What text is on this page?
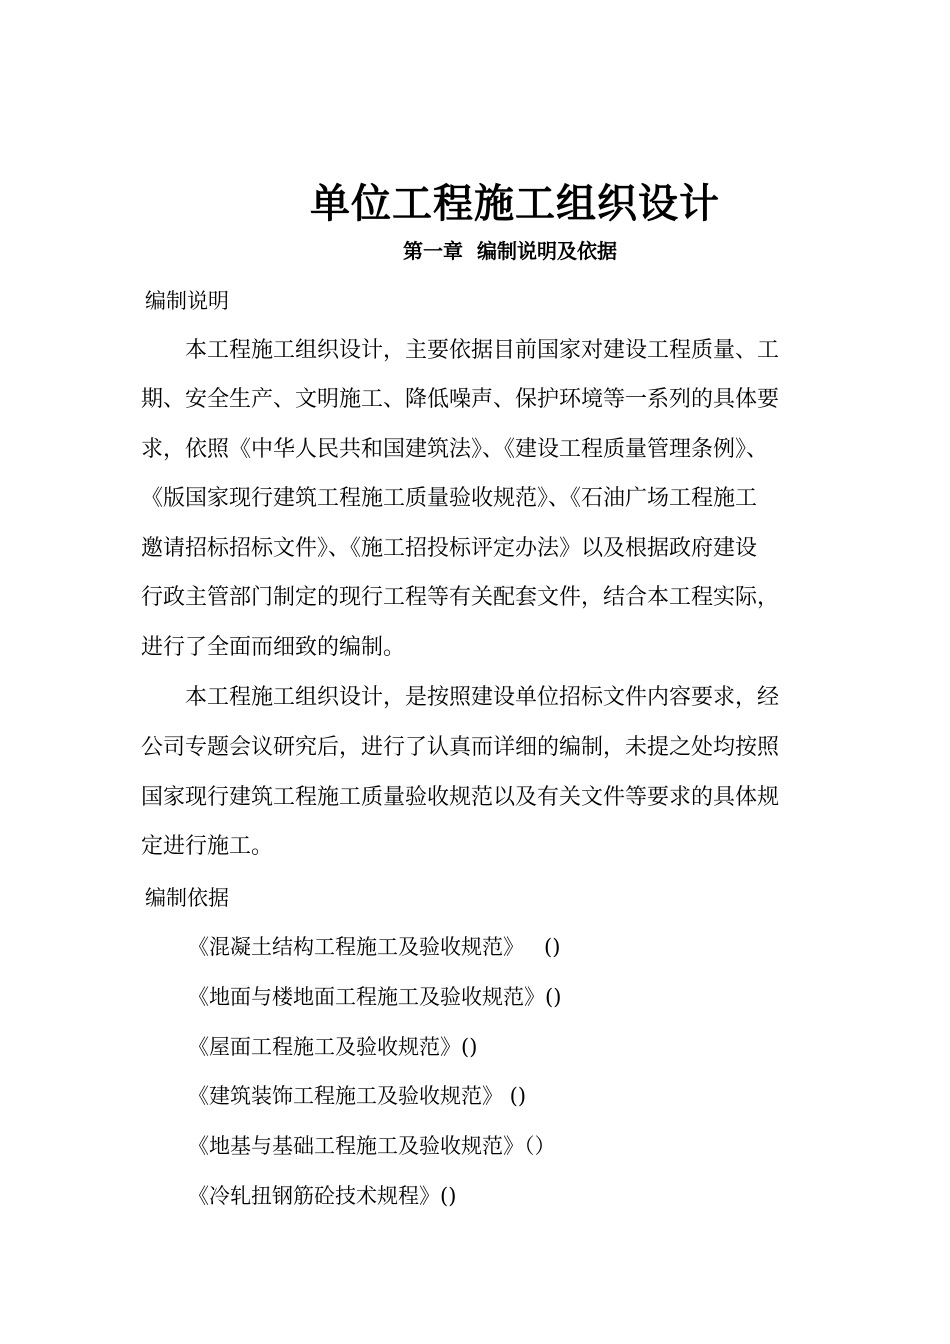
单位工程施工组织设计
第一章  编制说明及依据
编制说明
本工程施工组织设计，主要依据目前国家对建设工程质量、工
期、安全生产、文明施工、降低噪声、保护环境等一系列的具体要
求，依照《中华人民共和国建筑法》、《建设工程质量管理条例》、
《版国家现行建筑工程施工质量验收规范》、《石油广场工程施工
邀请招标招标文件》、《施工招投标评定办法》以及根据政府建设
行政主管部门制定的现行工程等有关配套文件，结合本工程实际，
进行了全面而细致的编制。
本工程施工组织设计，是按照建设单位招标文件内容要求，经
公司专题会议研究后，进行了认真而详细的编制，未提之处均按照
国家现行建筑工程施工质量验收规范以及有关文件等要求的具体规
定进行施工。
编制依据
《混凝土结构工程施工及验收规范》   ()
《地面与楼地面工程施工及验收规范》()
《屋面工程施工及验收规范》()
《建筑装饰工程施工及验收规范》 ()
《地基与基础工程施工及验收规范》（）
《冷轧扭钢筋砼技术规程》()
